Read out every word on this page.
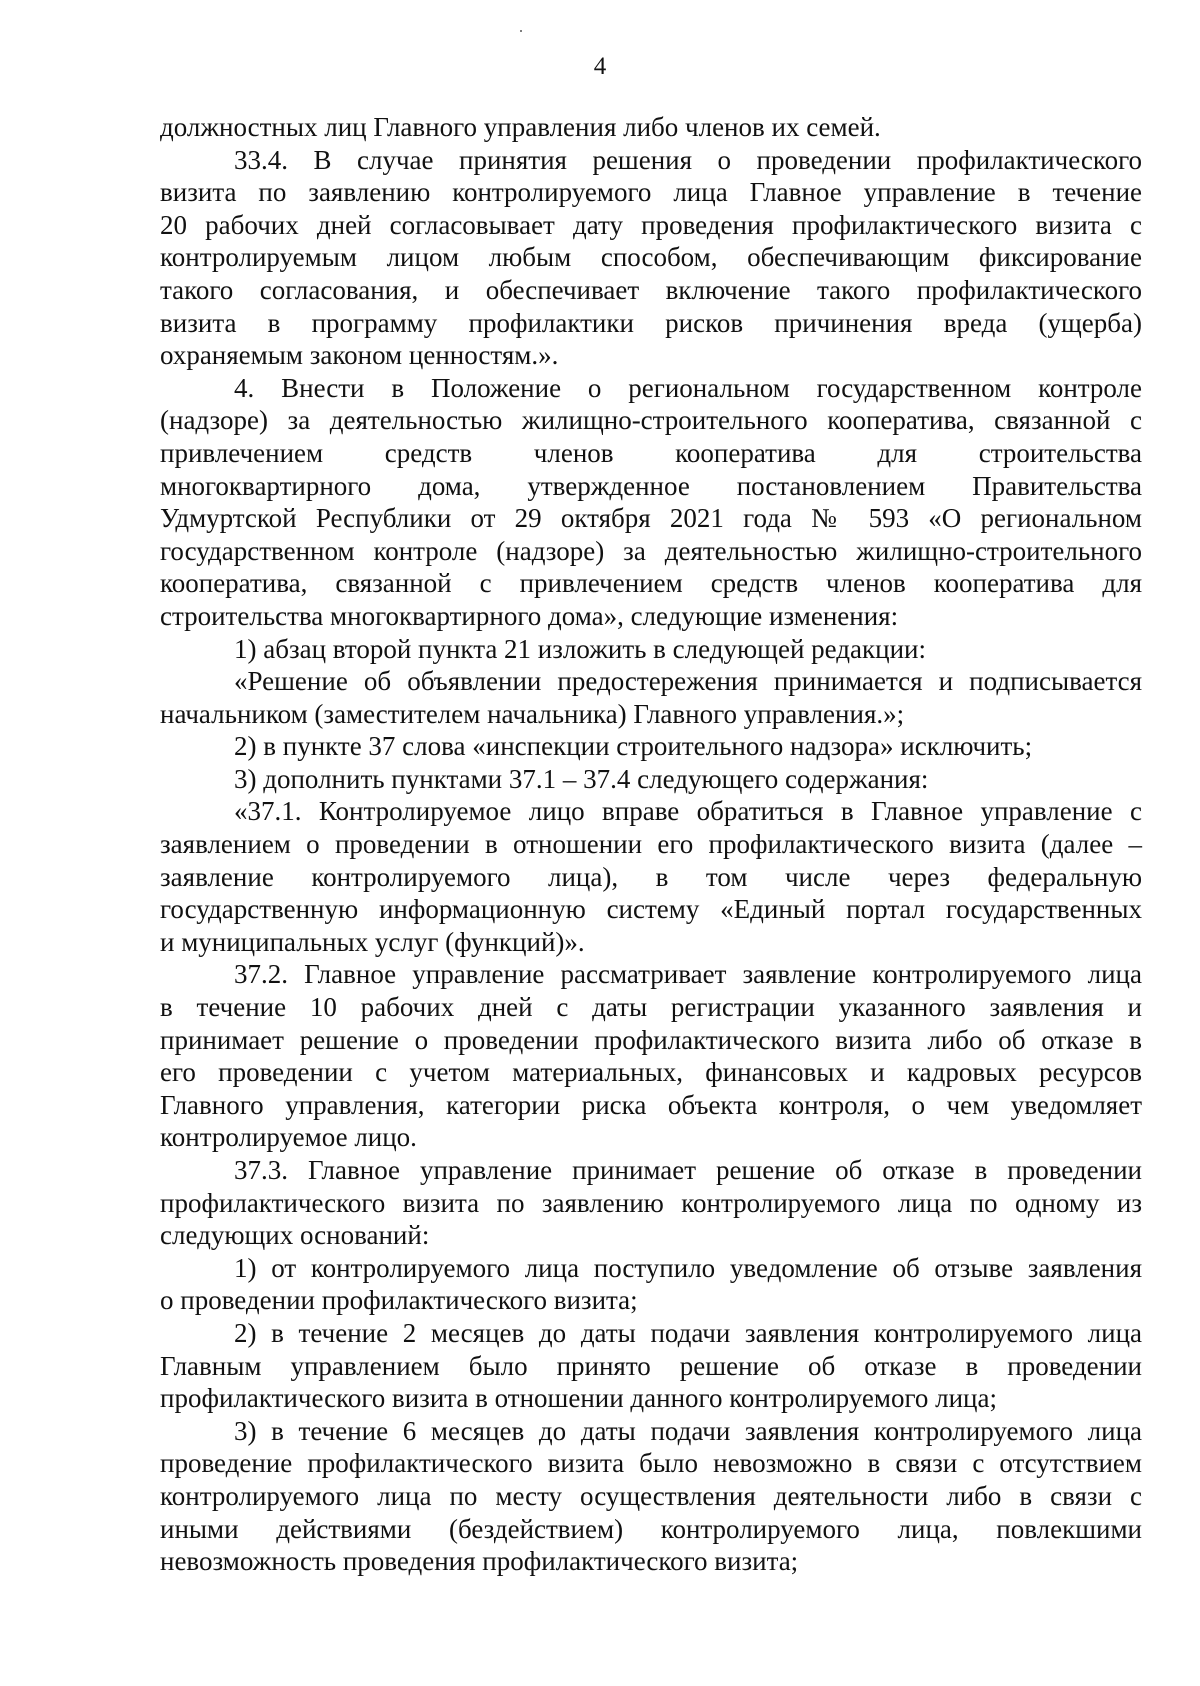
4
должностных лиц Главного управления либо членов их семей.
33.4. В случае принятия решения о проведении профилактического
визита по заявлению контролируемого лица Главное управление в течение
20 рабочих дней согласовывает дату проведения профилактического визита с
контролируемым лицом любым способом, обеспечивающим фиксирование
такого согласования, и обеспечивает включение такого профилактического
визита в программу профилактики рисков причинения вреда (ущерба)
охраняемым законом ценностям.».
4. Внести в Положение о региональном государственном контроле
(надзоре) за деятельностью жилищно-строительного кооператива, связанной с
привлечением средств членов кооператива для строительства
многоквартирного дома, утвержденное постановлением Правительства
Удмуртской Республики от 29 октября 2021 года № 593 «О региональном
государственном контроле (надзоре) за деятельностью жилищно-строительного
кооператива, связанной с привлечением средств членов кооператива для
строительства многоквартирного дома», следующие изменения:
1) абзац второй пункта 21 изложить в следующей редакции:
«Решение об объявлении предостережения принимается и подписывается
начальником (заместителем начальника) Главного управления.»;
2) в пункте 37 слова «инспекции строительного надзора» исключить;
3) дополнить пунктами 37.1 – 37.4 следующего содержания:
«37.1. Контролируемое лицо вправе обратиться в Главное управление с
заявлением о проведении в отношении его профилактического визита (далее –
заявление контролируемого лица), в том числе через федеральную
государственную информационную систему «Единый портал государственных
и муниципальных услуг (функций)».
37.2. Главное управление рассматривает заявление контролируемого лица
в течение 10 рабочих дней с даты регистрации указанного заявления и
принимает решение о проведении профилактического визита либо об отказе в
его проведении с учетом материальных, финансовых и кадровых ресурсов
Главного управления, категории риска объекта контроля, о чем уведомляет
контролируемое лицо.
37.3. Главное управление принимает решение об отказе в проведении
профилактического визита по заявлению контролируемого лица по одному из
следующих оснований:
1) от контролируемого лица поступило уведомление об отзыве заявления
о проведении профилактического визита;
2) в течение 2 месяцев до даты подачи заявления контролируемого лица
Главным управлением было принято решение об отказе в проведении
профилактического визита в отношении данного контролируемого лица;
3) в течение 6 месяцев до даты подачи заявления контролируемого лица
проведение профилактического визита было невозможно в связи с отсутствием
контролируемого лица по месту осуществления деятельности либо в связи с
иными действиями (бездействием) контролируемого лица, повлекшими
невозможность проведения профилактического визита;
